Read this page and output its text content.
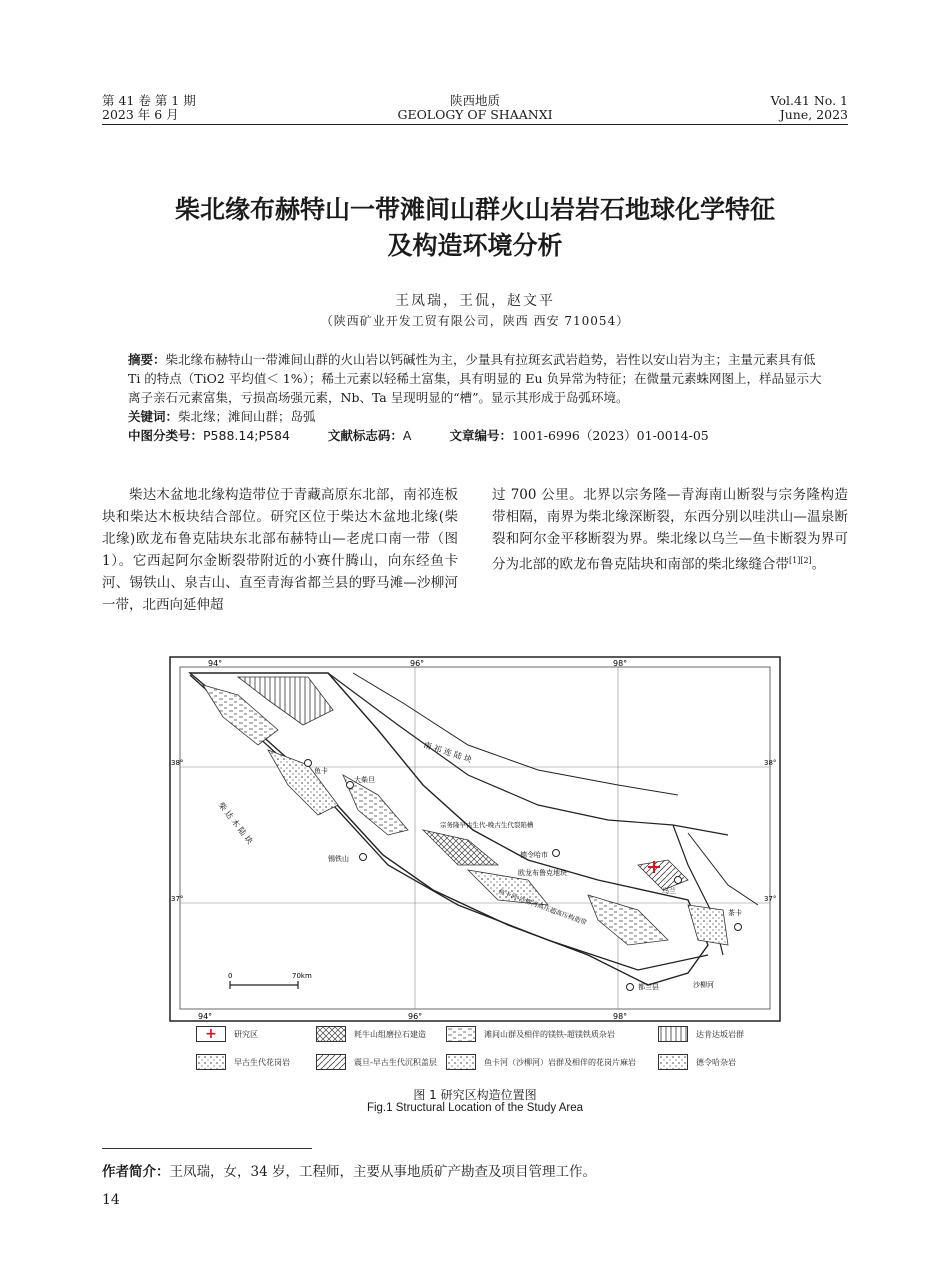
第 41 卷 第 1 期
2023 年 6 月
陕西地质
GEOLOGY OF SHAANXI
Vol.41 No. 1
June, 2023
柴北缘布赫特山一带滩间山群火山岩岩石地球化学特征
及构造环境分析
王凤瑞，王侃，赵文平
（陕西矿业开发工贸有限公司，陕西 西安 710054）
摘要：柴北缘布赫特山一带滩间山群的火山岩以钙碱性为主，少量具有拉斑玄武岩趋势，岩性以安山岩为主；主量元素具有低 Ti 的特点（TiO2 平均值＜ 1%）；稀土元素以轻稀土富集，具有明显的 Eu 负异常为特征；在微量元素蛛网图上，样品显示大离子亲石元素富集，亏损高场强元素，Nb、Ta 呈现明显的“槽”。显示其形成于岛弧环境。
关键词：柴北缘；滩间山群；岛弧
中图分类号：P588.14;P584	文献标志码：A	文章编号：1001-6996（2023）01-0014-05
柴达木盆地北缘构造带位于青藏高原东北部，南祁连板块和柴达木板块结合部位。研究区位于柴达木盆地北缘(柴北缘)欧龙布鲁克陆块东北部布赫特山—老虎口南一带（图 1）。它西起阿尔金断裂带附近的小赛什腾山，向东经鱼卡河、锡铁山、泉吉山、直至青海省都兰县的野马滩—沙柳河一带，北西向延伸超
过 700 公里。北界以宗务隆—青海南山断裂与宗务隆构造带相隔，南界为柴北缘深断裂，东西分别以哇洪山—温泉断裂和阿尔金平移断裂为界。柴北缘以乌兰—鱼卡断裂为界可分为北部的欧龙布鲁克陆块和南部的柴北缘缝合带[1][2]。
94°	96°	98°
94°	96°	98°
38°
37°
38°
37°
鱼卡
大柴旦
锡铁山	德令哈市
乌兰
茶卡
都兰县	沙柳河
南 祁 连 陆 块
柴 达 木 陆 块
欧龙布鲁克地块
宗务隆早古生代-晚古生代裂陷槽
鱼卡河-沙柳河高压超高压构造带
0	70km
+	研究区	耗牛山组磨拉石建造	滩间山群及相伴的镁铁-超镁铁质杂岩	达肯达坂岩群
早古生代花岗岩	震旦-早古生代沉积盖层	鱼卡河（沙柳河）岩群及相伴的花岗片麻岩	德令哈杂岩
图 1 研究区构造位置图
Fig.1 Structural Location of the Study Area
作者简介：王凤瑞，女，34 岁，工程师，主要从事地质矿产勘查及项目管理工作。
14
